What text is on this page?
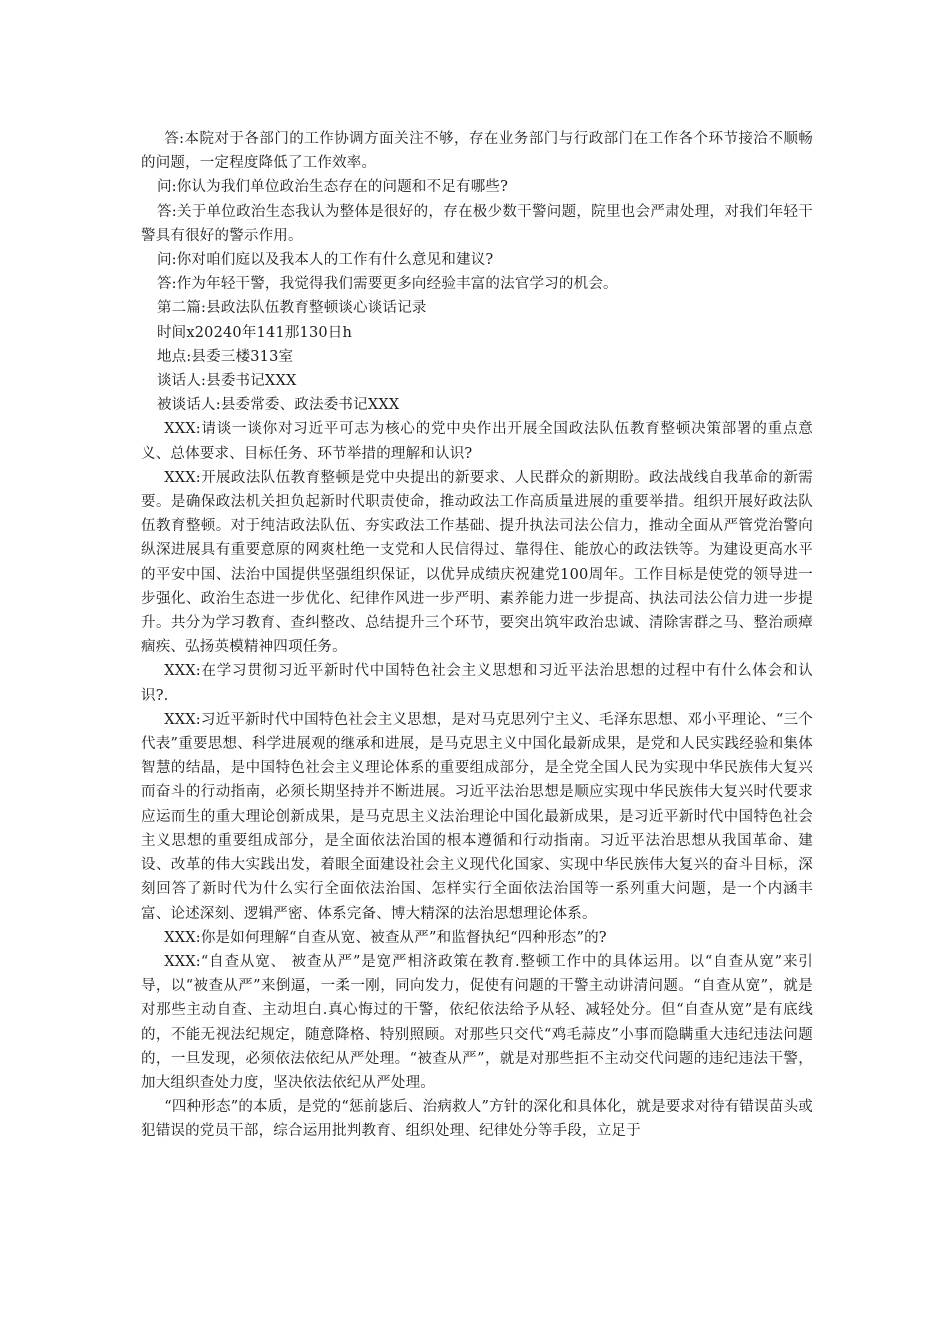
答:本院对于各部门的工作协调方面关注不够，存在业务部门与行政部门在工作各个环节接洽不顺畅的问题，一定程度降低了工作效率。

问:你认为我们单位政治生态存在的问题和不足有哪些?

答:关于单位政治生态我认为整体是很好的，存在极少数干警问题，院里也会严肃处理，对我们年轻干警具有很好的警示作用。

问:你对咱们庭以及我本人的工作有什么意见和建议?

答:作为年轻干警，我觉得我们需要更多向经验丰富的法官学习的机会。

第二篇:县政法队伍教育整顿谈心谈话记录

时间x20240年141那130日h

地点:县委三楼313室

谈话人:县委书记XXX

被谈话人:县委常委、政法委书记XXX

XXX:请谈一谈你对习近平可志为核心的党中央作出开展全国政法队伍教育整顿决策部署的重点意义、总体要求、目标任务、环节举措的理解和认识?

XXX:开展政法队伍教育整顿是党中央提出的新要求、人民群众的新期盼。政法战线自我革命的新需要。是确保政法机关担负起新时代职责使命，推动政法工作高质量进展的重要举措。组织开展好政法队伍教育整顿。对于纯洁政法队伍、夯实政法工作基础、提升执法司法公信力，推动全面从严管党治警向纵深进展具有重要意原的网爽杜绝一支党和人民信得过、靠得住、能放心的政法铁等。为建设更高水平的平安中国、法治中国提供坚强组织保证，以优异成绩庆祝建党100周年。工作目标是使党的领导进一步强化、政治生态进一步优化、纪律作风进一步严明、素养能力进一步提高、执法司法公信力进一步提升。共分为学习教育、查纠整改、总结提升三个环节，要突出筑牢政治忠诚、清除害群之马、整治顽瘴痼疾、弘扬英模精神四项任务。

XXX:在学习贯彻习近平新时代中国特色社会主义思想和习近平法治思想的过程中有什么体会和认识?.

XXX:习近平新时代中国特色社会主义思想，是对马克思列宁主义、毛泽东思想、邓小平理论、“三个代表”重要思想、科学进展观的继承和进展，是马克思主义中国化最新成果，是党和人民实践经验和集体智慧的结晶，是中国特色社会主义理论体系的重要组成部分，是全党全国人民为实现中华民族伟大复兴而奋斗的行动指南，必须长期坚持并不断进展。习近平法治思想是顺应实现中华民族伟大复兴时代要求应运而生的重大理论创新成果，是马克思主义法治理论中国化最新成果，是习近平新时代中国特色社会主义思想的重要组成部分，是全面依法治国的根本遵循和行动指南。习近平法治思想从我国革命、建设、改革的伟大实践出发，着眼全面建设社会主义现代化国家、实现中华民族伟大复兴的奋斗目标，深刻回答了新时代为什么实行全面依法治国、怎样实行全面依法治国等一系列重大问题，是一个内涵丰富、论述深刻、逻辑严密、体系完备、博大精深的法治思想理论体系。

XXX:你是如何理解“自查从宽、被查从严”和监督执纪“四种形态”的?

XXX:“自查从宽、 被查从严”是宽严相济政策在教育.整顿工作中的具体运用。以“自查从宽”来引导，以“被查从严”来倒逼，一柔一刚，同向发力，促使有问题的干警主动讲清问题。“自查从宽”，就是对那些主动自查、主动坦白.真心悔过的干警，依纪依法给予从轻、减轻处分。但“自查从宽”是有底线的，不能无视法纪规定，随意降格、特别照顾。对那些只交代“鸡毛蒜皮”小事而隐瞒重大违纪违法问题的，一旦发现，必须依法依纪从严处理。“被查从严”，就是对那些拒不主动交代问题的违纪违法干警，加大组织查处力度，坚决依法依纪从严处理。

“四种形态”的本质，是党的“惩前毖后、治病救人”方针的深化和具体化，就是要求对待有错误苗头或犯错误的党员干部，综合运用批判教育、组织处理、纪律处分等手段，立足于
